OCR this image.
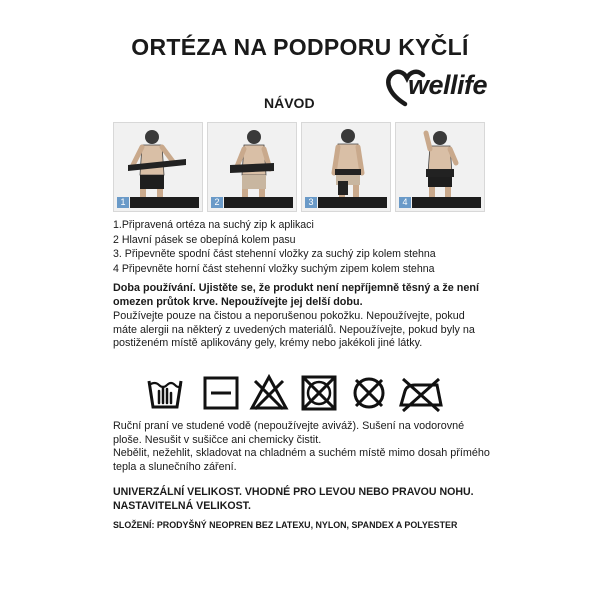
ORTÉZA NA PODPORU KYČLÍ
wellife
NÁVOD
1	2	3	4
1.Připravená ortéza na suchý zip k aplikaci
2 Hlavní pásek se obepíná kolem pasu
3. Připevněte spodní část stehenní vložky za suchý zip kolem stehna
4 Připevněte horní část stehenní vložky suchým zipem kolem stehna
Doba používání. Ujistěte se, že produkt není nepříjemně těsný a že není omezen průtok krve. Nepoužívejte jej delší dobu.
Používejte pouze na čistou a neporušenou pokožku. Nepoužívejte, pokud máte alergii na některý z uvedených materiálů. Nepoužívejte, pokud byly na postiženém místě aplikovány gely, krémy nebo jakékoli jiné látky.
Ruční praní ve studené vodě (nepoužívejte aviváž). Sušení na vodorovné ploše. Nesušit v sušičce ani chemicky čistit.
Nebělit, nežehlit, skladovat na chladném a suchém místě mimo dosah přímého tepla a slunečního záření.
UNIVERZÁLNÍ VELIKOST. VHODNÉ PRO LEVOU NEBO PRAVOU NOHU. NASTAVITELNÁ VELIKOST.
SLOŽENÍ: PRODYŠNÝ NEOPREN BEZ LATEXU, NYLON, SPANDEX A POLYESTER
